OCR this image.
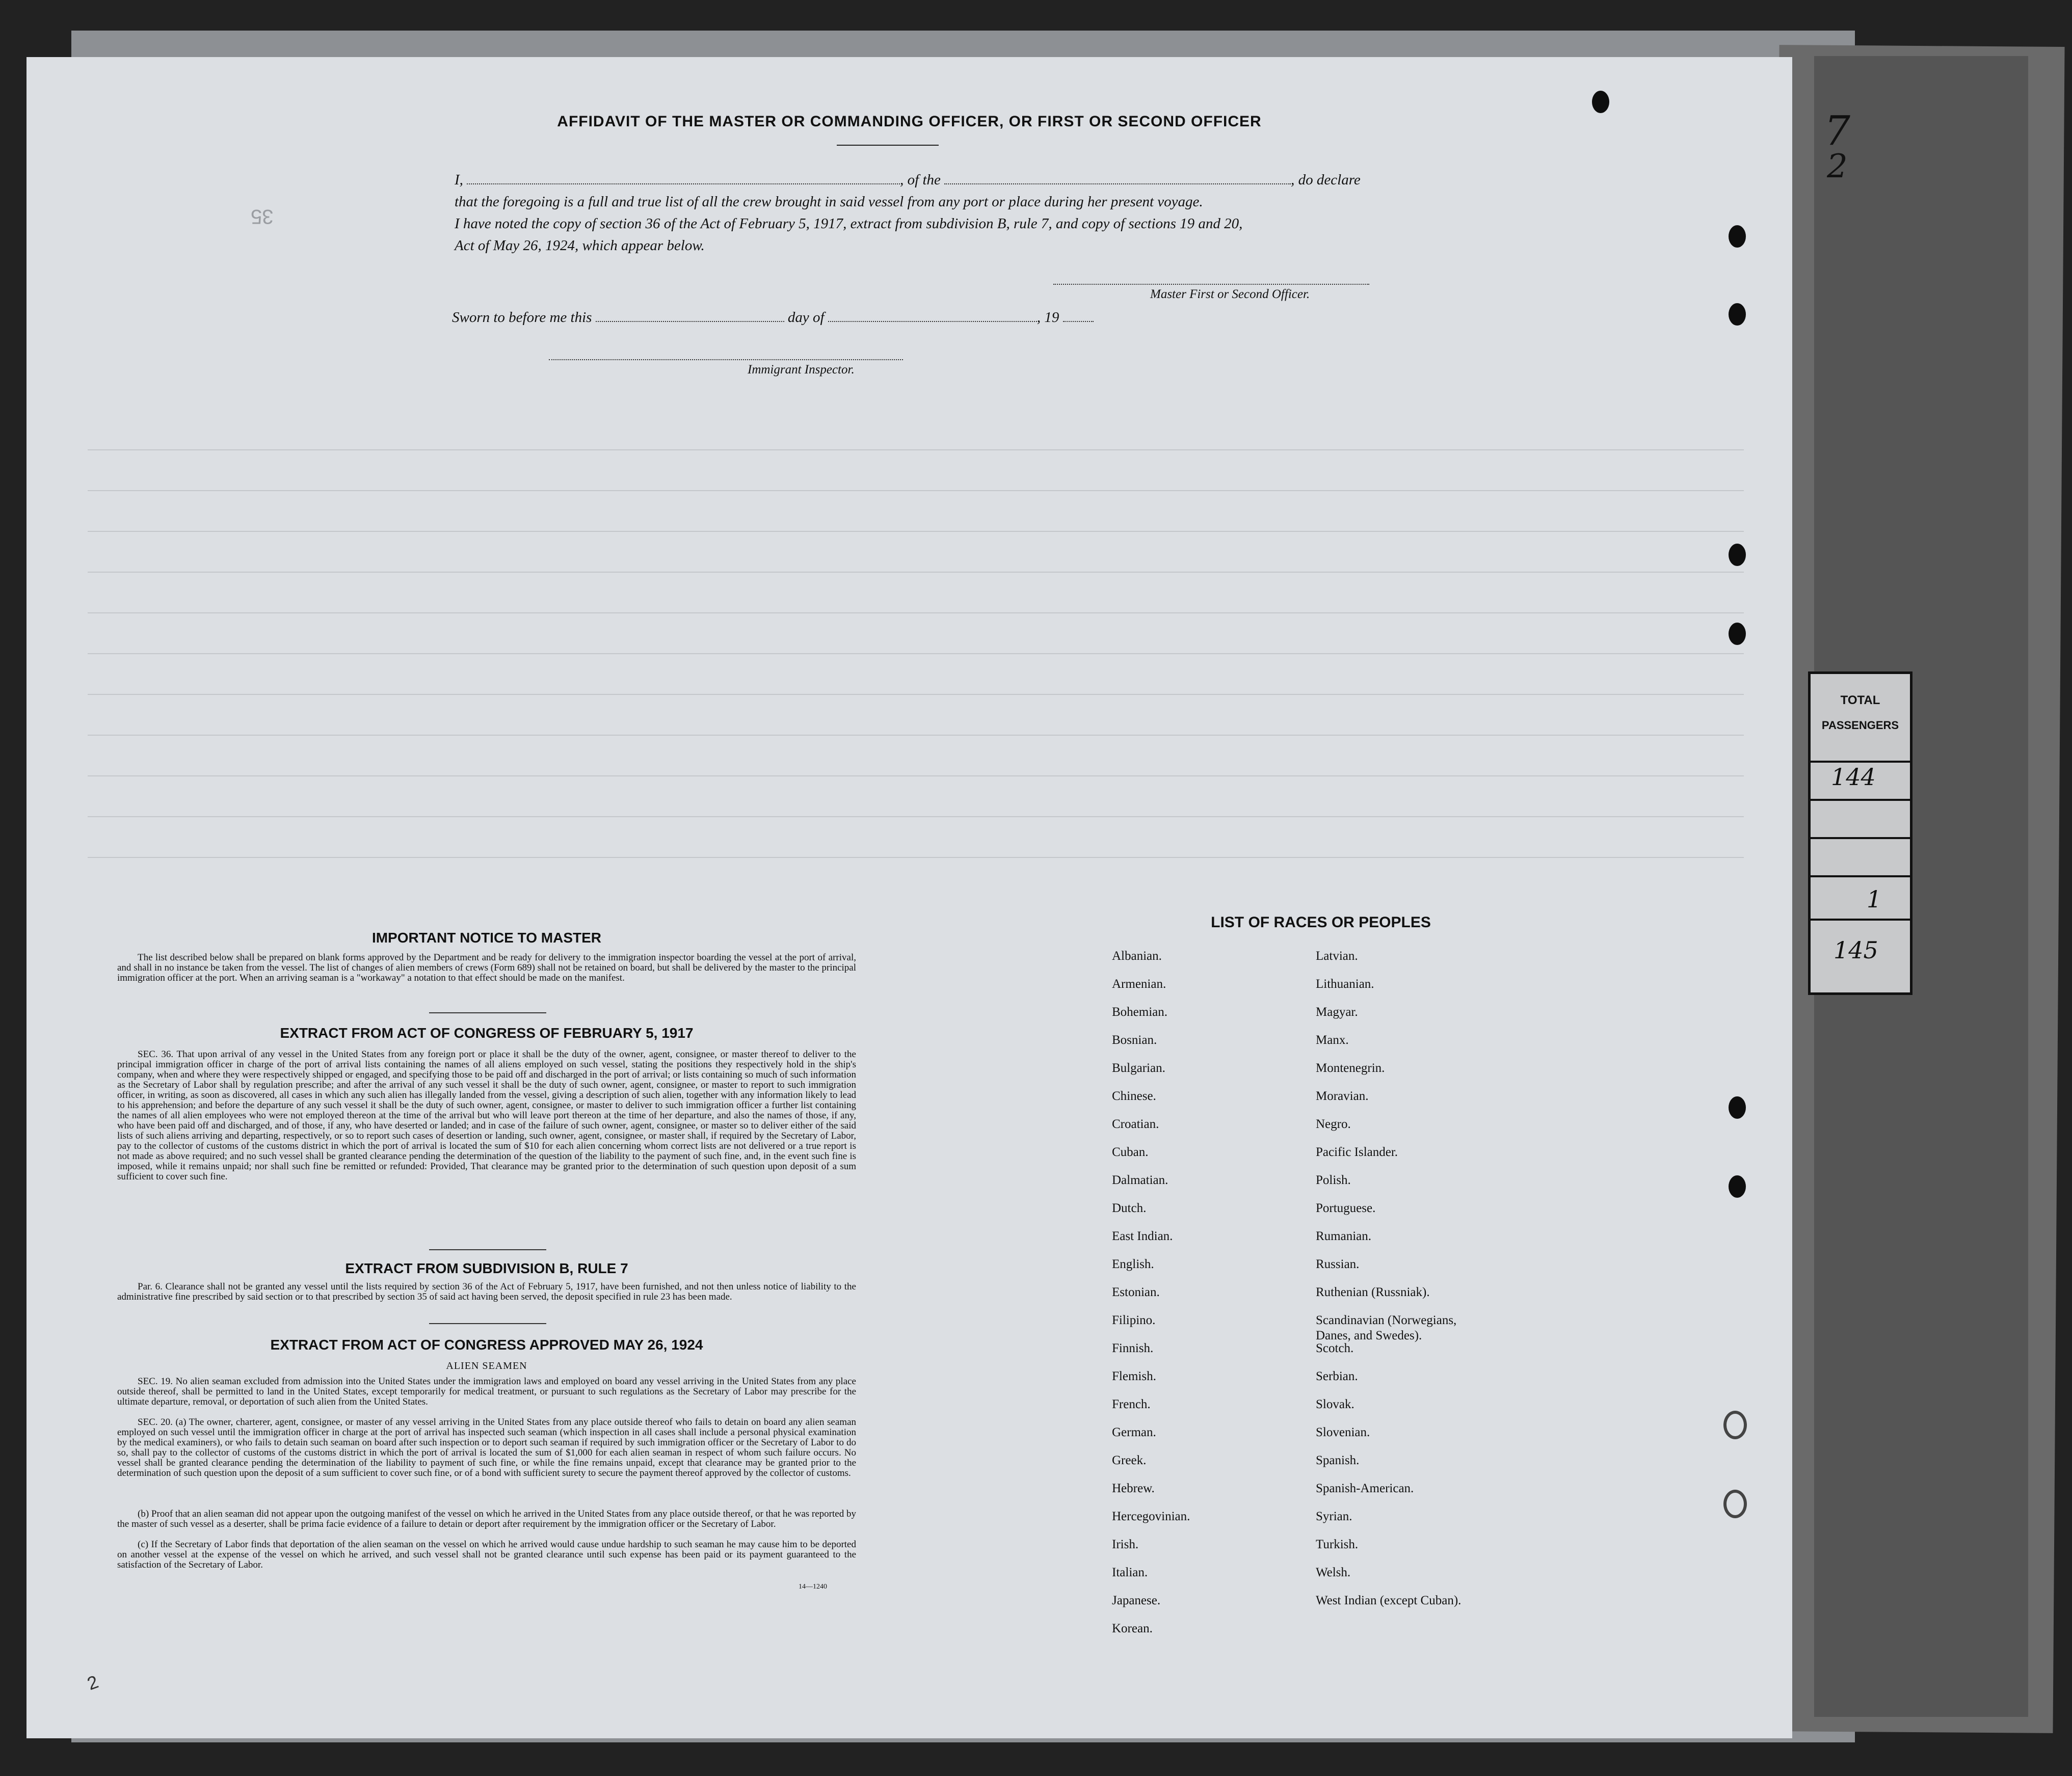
7
2
TOTAL
PASSENGERS
144
1
145
35
AFFIDAVIT OF THE MASTER OR COMMANDING OFFICER, OR FIRST OR SECOND OFFICER
I,	, of the	, do declare
that the foregoing is a full and true list of all the crew brought in said vessel from any port or place during her present voyage.
I have noted the copy of section 36 of the Act of February 5, 1917, extract from subdivision B, rule 7, and copy of sections 19 and 20,
Act of May 26, 1924, which appear below.
Master First or Second Officer.
Sworn to before me this	day of	, 19
Immigrant Inspector.
IMPORTANT NOTICE TO MASTER
The list described below shall be prepared on blank forms approved by the Department and be ready for delivery to the immigration inspector boarding the vessel at the port of arrival, and shall in no instance be taken from the vessel. The list of changes of alien members of crews (Form 689) shall not be retained on board, but shall be delivered by the master to the principal immigration officer at the port. When an arriving seaman is a "workaway" a notation to that effect should be made on the manifest.
EXTRACT FROM ACT OF CONGRESS OF FEBRUARY 5, 1917
SEC. 36. That upon arrival of any vessel in the United States from any foreign port or place it shall be the duty of the owner, agent, consignee, or master thereof to deliver to the principal immigration officer in charge of the port of arrival lists containing the names of all aliens employed on such vessel, stating the positions they respectively hold in the ship's company, when and where they were respectively shipped or engaged, and specifying those to be paid off and discharged in the port of arrival; or lists containing so much of such information as the Secretary of Labor shall by regulation prescribe; and after the arrival of any such vessel it shall be the duty of such owner, agent, consignee, or master to report to such immigration officer, in writing, as soon as discovered, all cases in which any such alien has illegally landed from the vessel, giving a description of such alien, together with any information likely to lead to his apprehension; and before the departure of any such vessel it shall be the duty of such owner, agent, consignee, or master to deliver to such immigration officer a further list containing the names of all alien employees who were not employed thereon at the time of the arrival but who will leave port thereon at the time of her departure, and also the names of those, if any, who have been paid off and discharged, and of those, if any, who have deserted or landed; and in case of the failure of such owner, agent, consignee, or master so to deliver either of the said lists of such aliens arriving and departing, respectively, or so to report such cases of desertion or landing, such owner, agent, consignee, or master shall, if required by the Secretary of Labor, pay to the collector of customs of the customs district in which the port of arrival is located the sum of $10 for each alien concerning whom correct lists are not delivered or a true report is not made as above required; and no such vessel shall be granted clearance pending the determination of the question of the liability to the payment of such fine, and, in the event such fine is imposed, while it remains unpaid; nor shall such fine be remitted or refunded: Provided, That clearance may be granted prior to the determination of such question upon deposit of a sum sufficient to cover such fine.
EXTRACT FROM SUBDIVISION B, RULE 7
Par. 6. Clearance shall not be granted any vessel until the lists required by section 36 of the Act of February 5, 1917, have been furnished, and not then unless notice of liability to the administrative fine prescribed by said section or to that prescribed by section 35 of said act having been served, the deposit specified in rule 23 has been made.
EXTRACT FROM ACT OF CONGRESS APPROVED MAY 26, 1924
ALIEN SEAMEN
SEC. 19. No alien seaman excluded from admission into the United States under the immigration laws and employed on board any vessel arriving in the United States from any place outside thereof, shall be permitted to land in the United States, except temporarily for medical treatment, or pursuant to such regulations as the Secretary of Labor may prescribe for the ultimate departure, removal, or deportation of such alien from the United States.
SEC. 20. (a) The owner, charterer, agent, consignee, or master of any vessel arriving in the United States from any place outside thereof who fails to detain on board any alien seaman employed on such vessel until the immigration officer in charge at the port of arrival has inspected such seaman (which inspection in all cases shall include a personal physical examination by the medical examiners), or who fails to detain such seaman on board after such inspection or to deport such seaman if required by such immigration officer or the Secretary of Labor to do so, shall pay to the collector of customs of the customs district in which the port of arrival is located the sum of $1,000 for each alien seaman in respect of whom such failure occurs. No vessel shall be granted clearance pending the determination of the liability to payment of such fine, or while the fine remains unpaid, except that clearance may be granted prior to the determination of such question upon the deposit of a sum sufficient to cover such fine, or of a bond with sufficient surety to secure the payment thereof approved by the collector of customs.
(b) Proof that an alien seaman did not appear upon the outgoing manifest of the vessel on which he arrived in the United States from any place outside thereof, or that he was reported by the master of such vessel as a deserter, shall be prima facie evidence of a failure to detain or deport after requirement by the immigration officer or the Secretary of Labor.
(c) If the Secretary of Labor finds that deportation of the alien seaman on the vessel on which he arrived would cause undue hardship to such seaman he may cause him to be deported on another vessel at the expense of the vessel on which he arrived, and such vessel shall not be granted clearance until such expense has been paid or its payment guaranteed to the satisfaction of the Secretary of Labor.
14—1240
LIST OF RACES OR PEOPLES
Albanian.
Armenian.
Bohemian.
Bosnian.
Bulgarian.
Chinese.
Croatian.
Cuban.
Dalmatian.
Dutch.
East Indian.
English.
Estonian.
Filipino.
Finnish.
Flemish.
French.
German.
Greek.
Hebrew.
Hercegovinian.
Irish.
Italian.
Japanese.
Korean.
Latvian.
Lithuanian.
Magyar.
Manx.
Montenegrin.
Moravian.
Negro.
Pacific Islander.
Polish.
Portuguese.
Rumanian.
Russian.
Ruthenian (Russniak).
Scandinavian (Norwegians,
Danes, and Swedes).
Scotch.
Serbian.
Slovak.
Slovenian.
Spanish.
Spanish-American.
Syrian.
Turkish.
Welsh.
West Indian (except Cuban).
2
